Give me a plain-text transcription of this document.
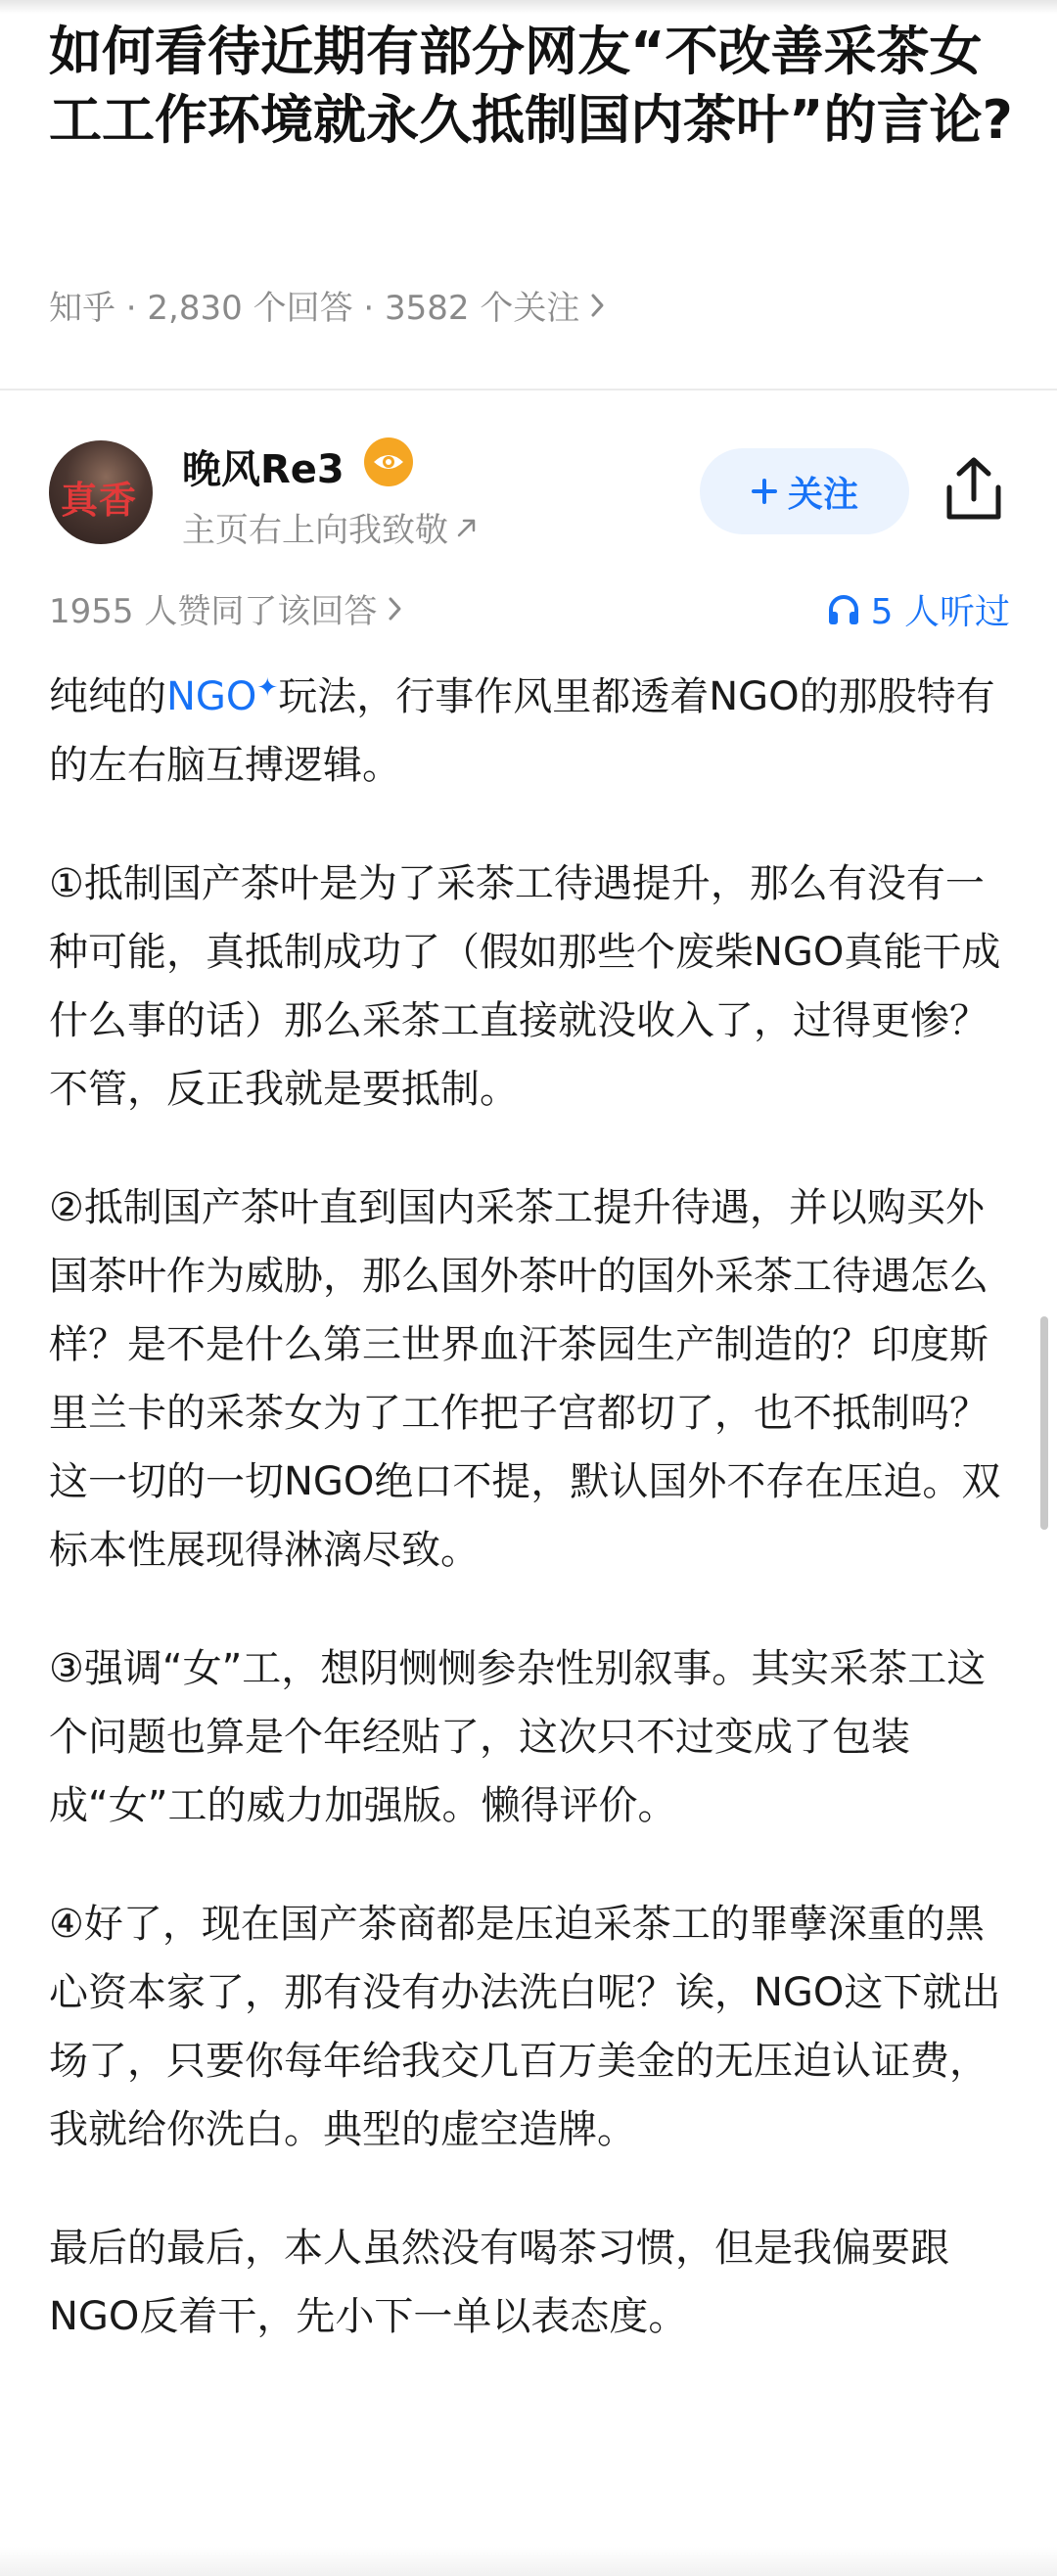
如何看待近期有部分网友“不改善采茶女工工作环境就永久抵制国内茶叶”的言论?
知乎 · 2,830 个回答 · 3582 个关注
真香
晚风Re3
主页右上向我致敬
关注
1955 人赞同了该回答	5 人听过

纯纯的NGO✦玩法，行事作风里都透着NGO的那股特有的左右脑互搏逻辑。

①抵制国产茶叶是为了采茶工待遇提升，那么有没有一种可能，真抵制成功了（假如那些个废柴NGO真能干成什么事的话）那么采茶工直接就没收入了，过得更惨？不管，反正我就是要抵制。

②抵制国产茶叶直到国内采茶工提升待遇，并以购买外国茶叶作为威胁，那么国外茶叶的国外采茶工待遇怎么样？是不是什么第三世界血汗茶园生产制造的？印度斯里兰卡的采茶女为了工作把子宫都切了，也不抵制吗？这一切的一切NGO绝口不提，默认国外不存在压迫。双标本性展现得淋漓尽致。

③强调“女”工，想阴恻恻参杂性别叙事。其实采茶工这个问题也算是个年经贴了，这次只不过变成了包装成“女”工的威力加强版。懒得评价。

④好了，现在国产茶商都是压迫采茶工的罪孽深重的黑心资本家了，那有没有办法洗白呢？诶，NGO这下就出场了，只要你每年给我交几百万美金的无压迫认证费，我就给你洗白。典型的虚空造牌。

最后的最后，本人虽然没有喝茶习惯，但是我偏要跟NGO反着干，先小下一单以表态度。
